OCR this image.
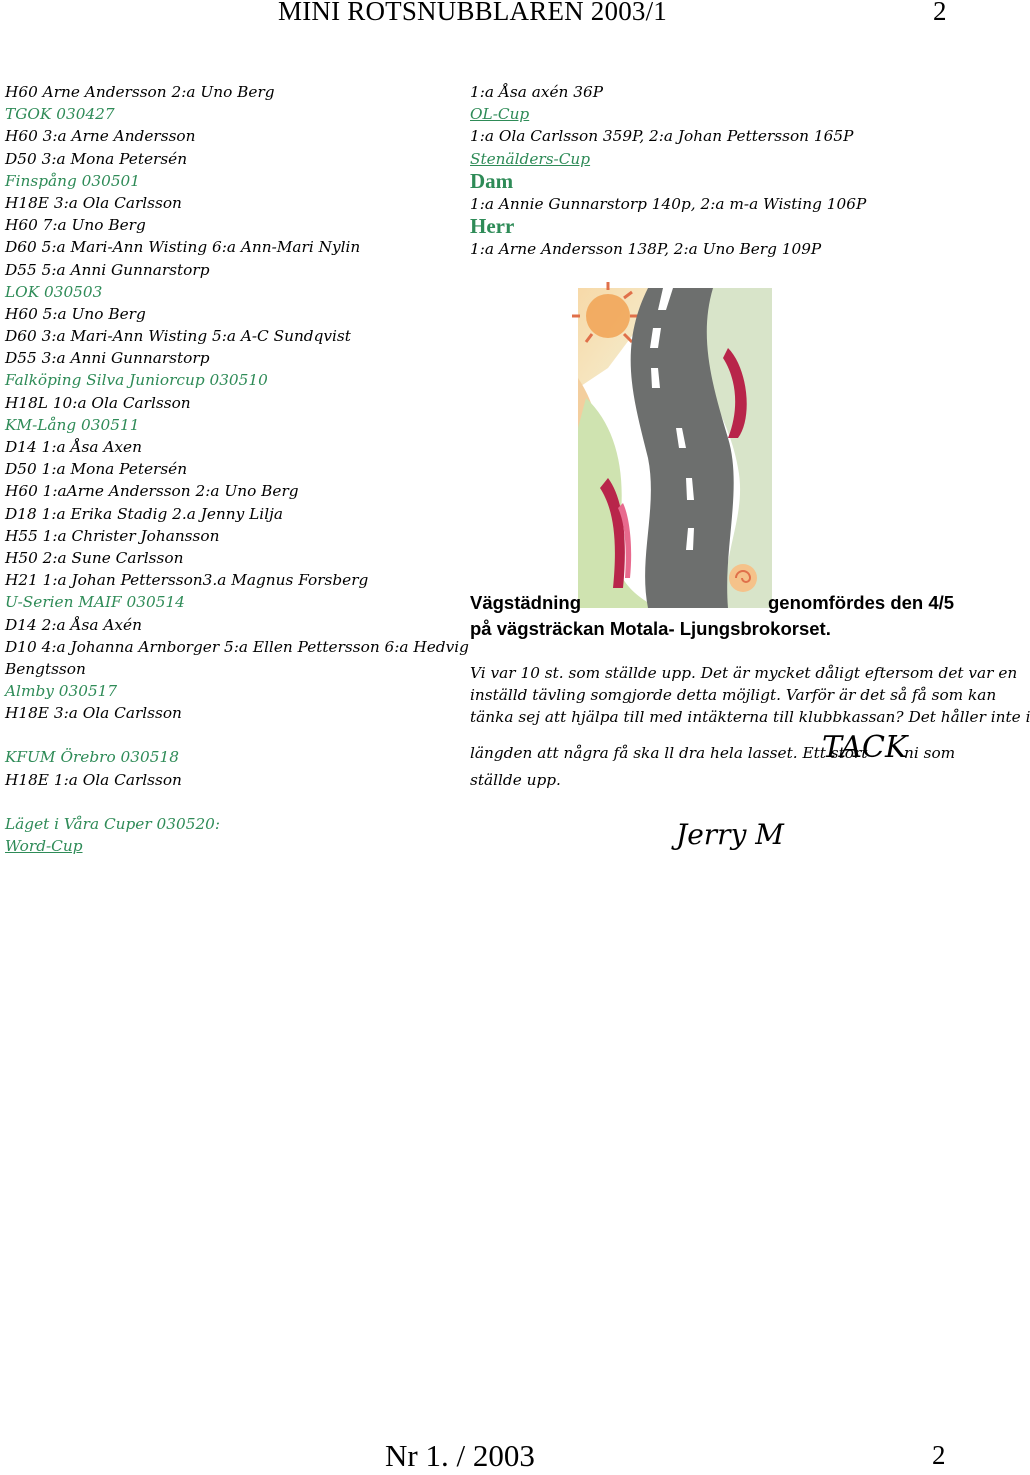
MINI ROTSNUBBLAREN 2003/1	2
H60 Arne Andersson 2:a Uno Berg
TGOK 030427
H60 3:a Arne Andersson
D50 3:a Mona Petersén
Finspång 030501
H18E 3:a Ola Carlsson
H60 7:a Uno Berg
D60 5:a Mari-Ann Wisting 6:a Ann-Mari Nylin
D55 5:a Anni Gunnarstorp
LOK 030503
H60 5:a Uno Berg
D60 3:a Mari-Ann Wisting 5:a A-C Sundqvist
D55 3:a Anni Gunnarstorp
Falköping Silva Juniorcup 030510
H18L 10:a Ola Carlsson
KM-Lång 030511
D14 1:a Åsa Axen
D50 1:a Mona Petersén
H60 1:aArne Andersson 2:a Uno Berg
D18 1:a Erika Stadig 2.a Jenny Lilja
H55 1:a Christer Johansson
H50 2:a Sune Carlsson
H21 1:a Johan Pettersson3.a Magnus Forsberg
U-Serien MAIF 030514
D14 2:a Åsa Axén
D10 4:a Johanna Arnborger 5:a Ellen Pettersson 6:a Hedvig
Bengtsson
Almby 030517
H18E 3:a Ola Carlsson
KFUM Örebro 030518
H18E 1:a Ola Carlsson
Läget i Våra Cuper 030520:
Word-Cup
1:a Åsa axén 36P
OL-Cup
1:a Ola Carlsson 359P, 2:a Johan Pettersson 165P
Stenälders-Cup
Dam
1:a Annie Gunnarstorp 140p, 2:a m-a Wisting 106P
Herr
1:a Arne Andersson 138P, 2:a Uno Berg 109P
Vägstädning	genomfördes den 4/5
på vägsträckan Motala- Ljungsbrokorset.
Vi var 10 st. som ställde upp. Det är mycket dåligt eftersom det var en
inställd tävling somgjorde detta möjligt. Varför är det så få som kan
tänka sej att hjälpa till med intäkterna till klubbkassan? Det håller inte i
längden att några få ska ll dra hela lasset. Ett stort
TACK
ni som
ställde upp.
Jerry M
Nr 1. / 2003	2
